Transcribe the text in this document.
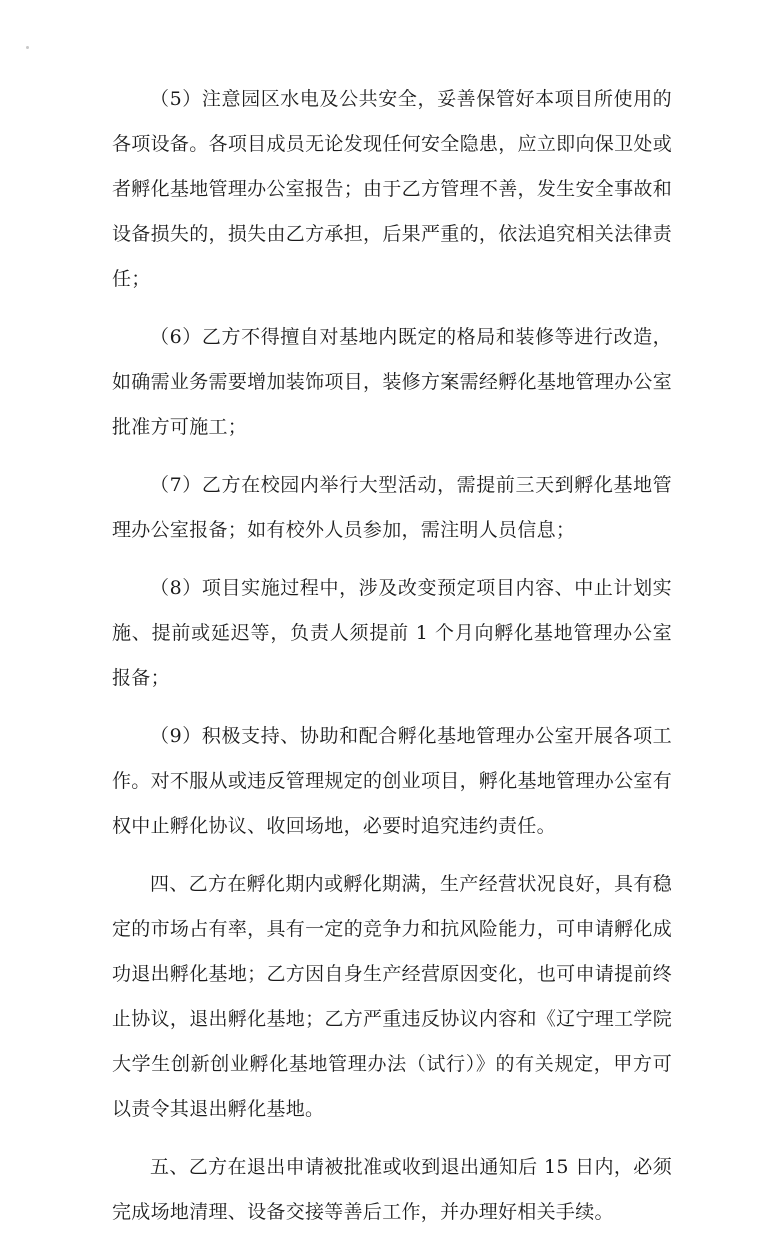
（5）注意园区水电及公共安全，妥善保管好本项目所使用的各项设备。各项目成员无论发现任何安全隐患，应立即向保卫处或者孵化基地管理办公室报告；由于乙方管理不善，发生安全事故和设备损失的，损失由乙方承担，后果严重的，依法追究相关法律责任；

（6）乙方不得擅自对基地内既定的格局和装修等进行改造，如确需业务需要增加装饰项目，装修方案需经孵化基地管理办公室批准方可施工；

（7）乙方在校园内举行大型活动，需提前三天到孵化基地管理办公室报备；如有校外人员参加，需注明人员信息；

（8）项目实施过程中，涉及改变预定项目内容、中止计划实施、提前或延迟等，负责人须提前 1 个月向孵化基地管理办公室报备；

（9）积极支持、协助和配合孵化基地管理办公室开展各项工作。对不服从或违反管理规定的创业项目，孵化基地管理办公室有权中止孵化协议、收回场地，必要时追究违约责任。

四、乙方在孵化期内或孵化期满，生产经营状况良好，具有稳定的市场占有率，具有一定的竞争力和抗风险能力，可申请孵化成功退出孵化基地；乙方因自身生产经营原因变化，也可申请提前终止协议，退出孵化基地；乙方严重违反协议内容和《辽宁理工学院大学生创新创业孵化基地管理办法（试行）》的有关规定，甲方可以责令其退出孵化基地。

五、乙方在退出申请被批准或收到退出通知后 15 日内，必须完成场地清理、设备交接等善后工作，并办理好相关手续。
